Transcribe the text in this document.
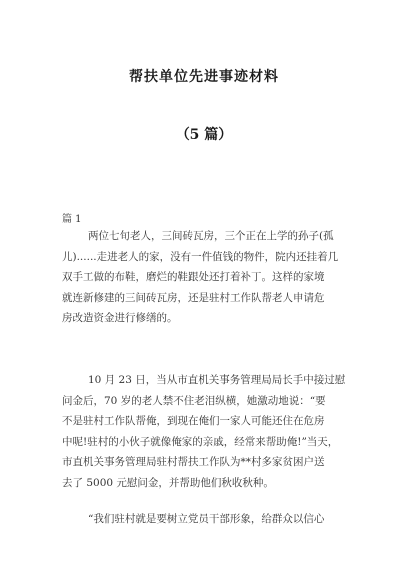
帮扶单位先进事迹材料
（5 篇）
篇 1
两位七旬老人，三间砖瓦房，三个正在上学的孙子(孤
儿)......走进老人的家，没有一件值钱的物件，院内还挂着几
双手工做的布鞋，磨烂的鞋跟处还打着补丁。这样的家境
就连新修建的三间砖瓦房，还是驻村工作队帮老人申请危
房改造资金进行修缮的。
10 月 23 日，当从市直机关事务管理局局长手中接过慰
问金后，70 岁的老人禁不住老泪纵横，她激动地说：“要
不是驻村工作队帮俺，到现在俺们一家人可能还住在危房
中呢!驻村的小伙子就像俺家的亲戚，经常来帮助俺!”当天，
市直机关事务管理局驻村帮扶工作队为**村多家贫困户送
去了 5000 元慰问金，并帮助他们秋收秋种。
“我们驻村就是要树立党员干部形象，给群众以信心
